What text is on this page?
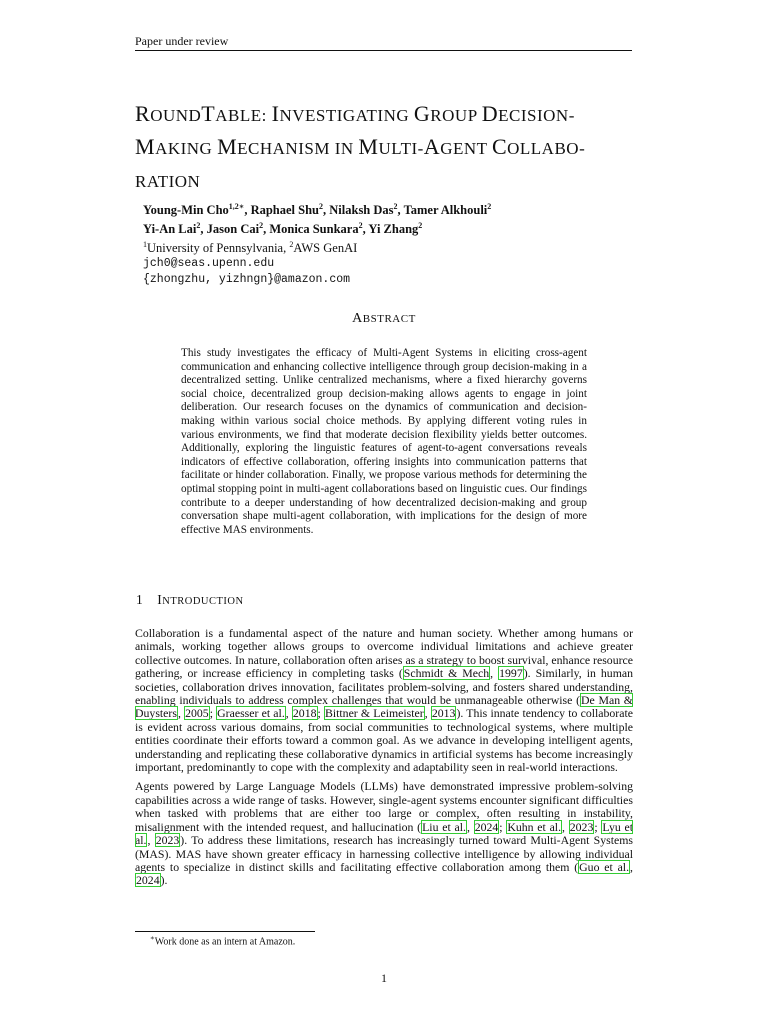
Paper under review
ROUNDTABLE: INVESTIGATING GROUP DECISION-
MAKING MECHANISM IN MULTI-AGENT COLLABO-
RATION
Young-Min Cho$^{1,2∗}$, Raphael Shu$^2$, Nilaksh Das$^2$, Tamer Alkhouli$^2$
Yi-An Lai$^2$, Jason Cai$^2$, Monica Sunkara$^2$, Yi Zhang$^2$
$^1$University of Pennsylvania, $^2$AWS GenAI
jch0@seas.upenn.edu
{zhongzhu, yizhngn}@amazon.com
ABSTRACT
This study investigates the efficacy of Multi-Agent Systems in eliciting cross-agent communication and enhancing collective intelligence through group decision-making in a decentralized setting. Unlike centralized mechanisms, where a fixed hierarchy governs social choice, decentralized group decision-making allows agents to engage in joint deliberation. Our research focuses on the dynamics of communication and decision-making within various social choice methods. By applying different voting rules in various environments, we find that moderate decision flexibility yields better outcomes. Additionally, exploring the linguistic features of agent-to-agent conversations reveals indicators of effective collaboration, offering insights into communication patterns that facilitate or hinder collaboration. Finally, we propose various methods for determining the optimal stopping point in multi-agent collaborations based on linguistic cues. Our findings contribute to a deeper understanding of how decentralized decision-making and group conversation shape multi-agent collaboration, with implications for the design of more effective MAS environments.
1 INTRODUCTION

Collaboration is a fundamental aspect of the nature and human society. Whether among humans or animals, working together allows groups to overcome individual limitations and achieve greater collective outcomes. In nature, collaboration often arises as a strategy to boost survival, enhance resource gathering, or increase efficiency in completing tasks (Schmidt & Mech, 1997). Similarly, in human societies, collaboration drives innovation, facilitates problem-solving, and fosters shared understanding, enabling individuals to address complex challenges that would be unmanageable otherwise (De Man & Duysters, 2005; Graesser et al., 2018; Bittner & Leimeister, 2013). This innate tendency to collaborate is evident across various domains, from social communities to technological systems, where multiple entities coordinate their efforts toward a common goal. As we advance in developing intelligent agents, understanding and replicating these collaborative dynamics in artificial systems has become increasingly important, predominantly to cope with the complexity and adaptability seen in real-world interactions.

Agents powered by Large Language Models (LLMs) have demonstrated impressive problem-solving capabilities across a wide range of tasks. However, single-agent systems encounter significant difficulties when tasked with problems that are either too large or complex, often resulting in instability, misalignment with the intended request, and hallucination (Liu et al., 2024; Kuhn et al., 2023; Lyu et al., 2023). To address these limitations, research has increasingly turned toward Multi-Agent Systems (MAS). MAS have shown greater efficacy in harnessing collective intelligence by allowing individual agents to specialize in distinct skills and facilitating effective collaboration among them (Guo et al., 2024).

∗Work done as an intern at Amazon.
1
